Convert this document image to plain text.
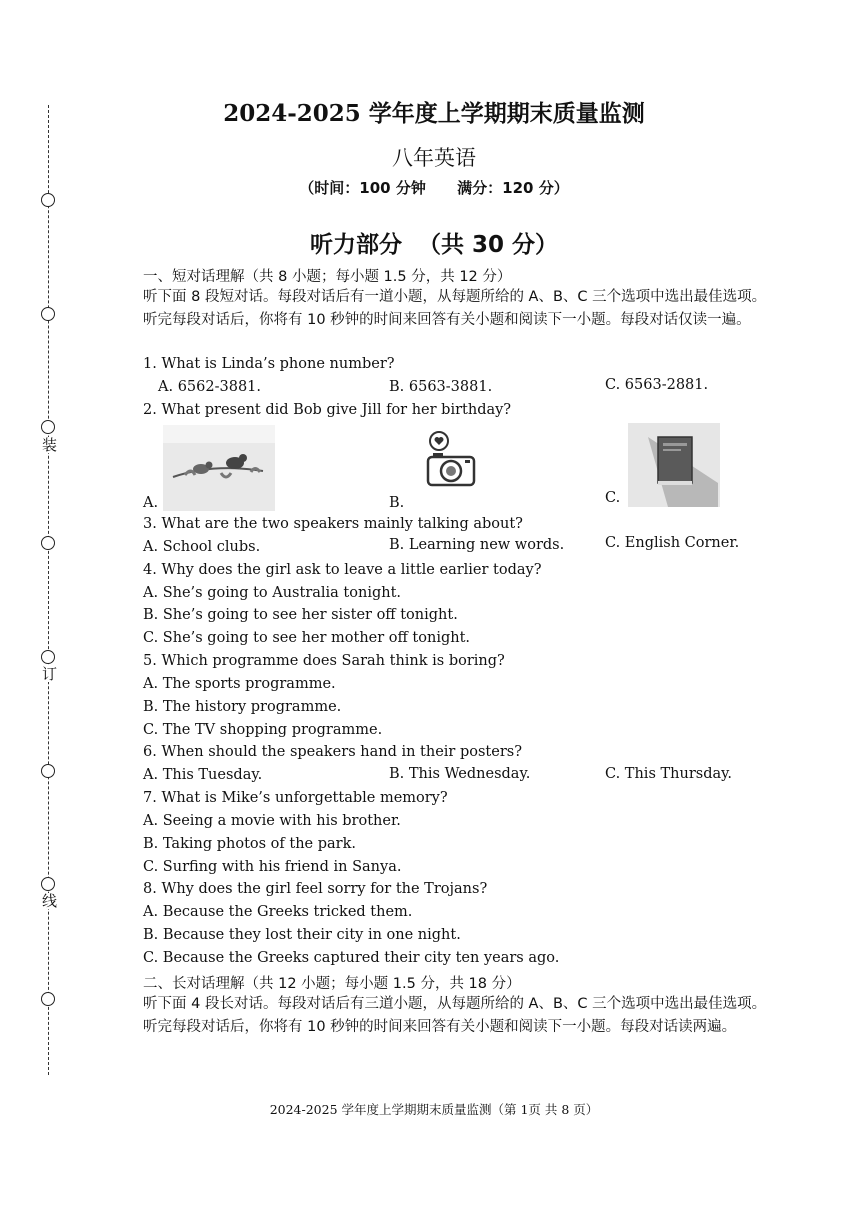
装
订
线
2024-2025 学年度上学期期末质量监测
八年英语
（时间：100 分钟      满分：120 分）
听力部分  （共 30 分）
一、短对话理解（共 8 小题；每小题 1.5 分，共 12 分）
听下面 8 段短对话。每段对话后有一道小题，从每题所给的 A、B、C 三个选项中选出最佳选项。听完每段对话后，你将有 10 秒钟的时间来回答有关小题和阅读下一小题。每段对话仅读一遍。
1. What is Linda’s phone number?
A. 6562-3881.	B. 6563-3881.	C. 6563-2881.
2. What present did Bob give Jill for her birthday?
A.	B.	C.
3. What are the two speakers mainly talking about?
A. School clubs.	B. Learning new words.	C. English Corner.
4. Why does the girl ask to leave a little earlier today?
A. She’s going to Australia tonight.
B. She’s going to see her sister off tonight.
C. She’s going to see her mother off tonight.
5. Which programme does Sarah think is boring?
A. The sports programme.
B. The history programme.
C. The TV shopping programme.
6. When should the speakers hand in their posters?
A. This Tuesday.	B. This Wednesday.	C. This Thursday.
7. What is Mike’s unforgettable memory?
A. Seeing a movie with his brother.
B. Taking photos of the park.
C. Surfing with his friend in Sanya.
8. Why does the girl feel sorry for the Trojans?
A. Because the Greeks tricked them.
B. Because they lost their city in one night.
C. Because the Greeks captured their city ten years ago.
二、长对话理解（共 12 小题；每小题 1.5 分，共 18 分）
听下面 4 段长对话。每段对话后有三道小题，从每题所给的 A、B、C 三个选项中选出最佳选项。听完每段对话后，你将有 10 秒钟的时间来回答有关小题和阅读下一小题。每段对话读两遍。
2024-2025 学年度上学期期末质量监测（第 1页 共 8 页）
